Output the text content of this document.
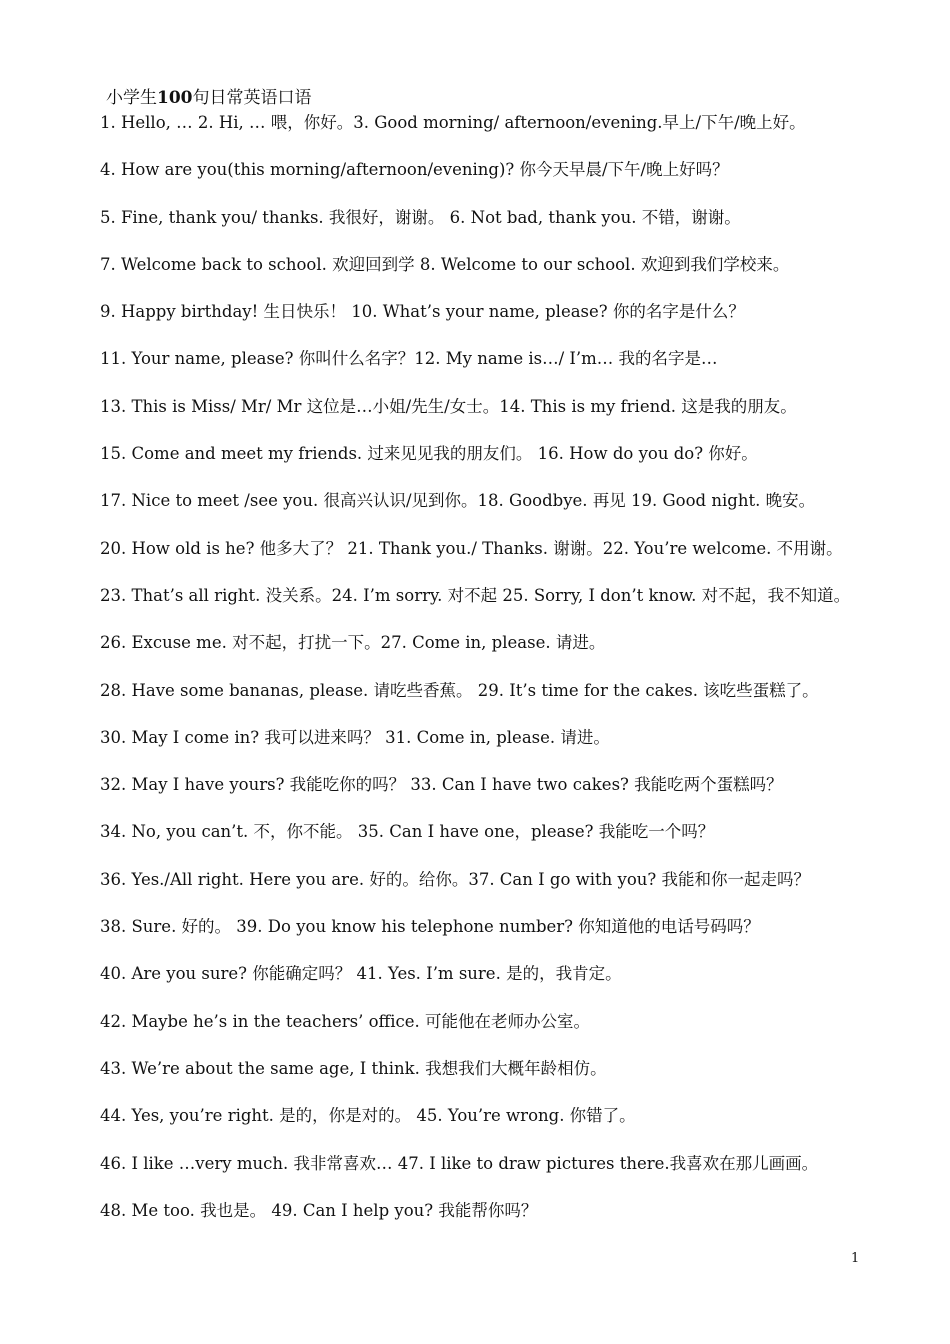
小学生100句日常英语口语
1. Hello, … 2. Hi, … 喂，你好。3. Good morning/ afternoon/evening.早上/下午/晚上好。
4. How are you(this morning/afternoon/evening)? 你今天早晨/下午/晚上好吗？
5. Fine, thank you/ thanks. 我很好，谢谢。 6. Not bad, thank you. 不错，谢谢。
7. Welcome back to school. 欢迎回到学 8. Welcome to our school. 欢迎到我们学校来。
9. Happy birthday! 生日快乐！ 10. What’s your name, please? 你的名字是什么？
11. Your name, please? 你叫什么名字？12. My name is…/ I’m… 我的名字是…
13. This is Miss/ Mr/ Mr 这位是…小姐/先生/女士。14. This is my friend. 这是我的朋友。
15. Come and meet my friends. 过来见见我的朋友们。 16. How do you do? 你好。
17. Nice to meet /see you. 很高兴认识/见到你。18. Goodbye. 再见 19. Good night. 晚安。
20. How old is he? 他多大了？ 21. Thank you./ Thanks. 谢谢。22. You’re welcome. 不用谢。
23. That’s all right. 没关系。24. I’m sorry. 对不起 25. Sorry, I don’t know. 对不起，我不知道。
26. Excuse me. 对不起，打扰一下。27. Come in, please. 请进。
28. Have some bananas, please. 请吃些香蕉。 29. It’s time for the cakes. 该吃些蛋糕了。
30. May I come in? 我可以进来吗？ 31. Come in, please. 请进。
32. May I have yours? 我能吃你的吗？ 33. Can I have two cakes? 我能吃两个蛋糕吗？
34. No, you can’t. 不，你不能。 35. Can I have one，please? 我能吃一个吗？
36. Yes./All right. Here you are. 好的。给你。37. Can I go with you? 我能和你一起走吗？
38. Sure. 好的。 39. Do you know his telephone number? 你知道他的电话号码吗？
40. Are you sure? 你能确定吗？ 41. Yes. I’m sure. 是的，我肯定。
42. Maybe he’s in the teachers’ office. 可能他在老师办公室。
43. We’re about the same age, I think. 我想我们大概年龄相仿。
44. Yes, you’re right. 是的，你是对的。 45. You’re wrong. 你错了。
46. I like …very much. 我非常喜欢… 47. I like to draw pictures there.我喜欢在那儿画画。
48. Me too. 我也是。 49. Can I help you? 我能帮你吗？
1
